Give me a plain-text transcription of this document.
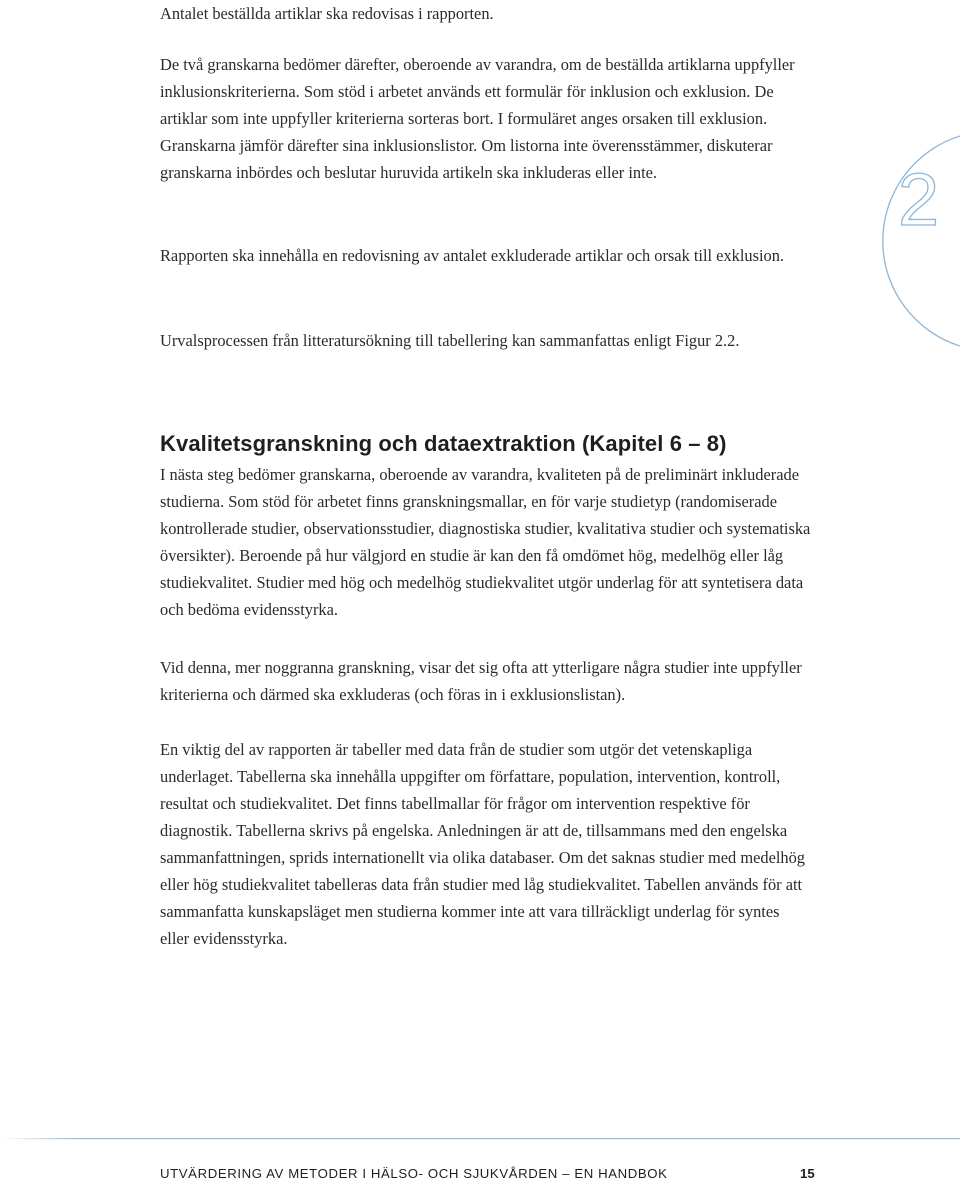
2

Antalet beställda artiklar ska redovisas i rapporten.

De två granskarna bedömer därefter, oberoende av varandra, om de beställda artiklarna uppfyller inklusionskriterierna. Som stöd i arbetet används ett formulär för inklusion och exklusion. De artiklar som inte uppfyller kriterierna sorteras bort. I formuläret anges orsaken till exklusion. Granskarna jämför därefter sina inklusionslistor. Om listorna inte överensstämmer, diskuterar granskarna inbördes och beslutar huruvida artikeln ska inkluderas eller inte.

Rapporten ska innehålla en redovisning av antalet exkluderade artiklar och orsak till exklusion.

Urvalsprocessen från litteratursökning till tabellering kan sammanfattas enligt Figur 2.2.

Kvalitetsgranskning och dataextraktion (Kapitel 6 – 8)

I nästa steg bedömer granskarna, oberoende av varandra, kvaliteten på de preliminärt inkluderade studierna. Som stöd för arbetet finns granskningsmallar, en för varje studietyp (randomiserade kontrollerade studier, observationsstudier, diagnostiska studier, kvalitativa studier och systematiska översikter). Beroende på hur välgjord en studie är kan den få omdömet hög, medelhög eller låg studiekvalitet. Studier med hög och medelhög studiekvalitet utgör underlag för att syntetisera data och bedöma evidensstyrka.

Vid denna, mer noggranna granskning, visar det sig ofta att ytterligare några studier inte uppfyller kriterierna och därmed ska exkluderas (och föras in i exklusionslistan).

En viktig del av rapporten är tabeller med data från de studier som utgör det vetenskapliga underlaget. Tabellerna ska innehålla uppgifter om författare, population, intervention, kontroll, resultat och studiekvalitet. Det finns tabellmallar för frågor om intervention respektive för diagnostik. Tabellerna skrivs på engelska. Anledningen är att de, tillsammans med den engelska sammanfattningen, sprids internationellt via olika databaser. Om det saknas studier med medelhög eller hög studiekvalitet tabelleras data från studier med låg studiekvalitet. Tabellen används för att sammanfatta kunskapsläget men studierna kommer inte att vara tillräckligt underlag för syntes eller evidensstyrka.

UTVÄRDERING AV METODER I HÄLSO- OCH SJUKVÅRDEN – EN HANDBOK	15
